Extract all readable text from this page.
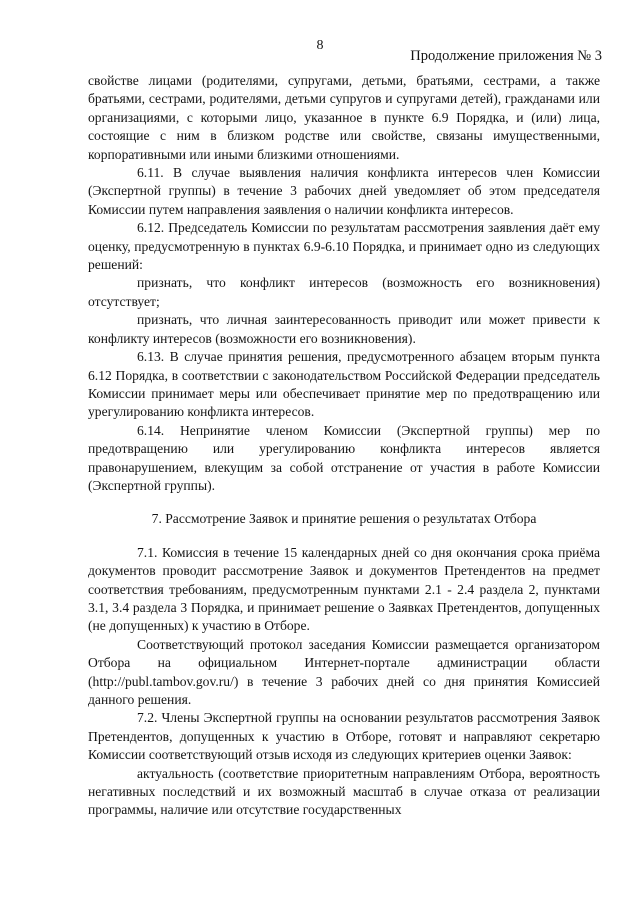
8
Продолжение приложения № 3

свойстве лицами (родителями, супругами, детьми, братьями, сестрами, а также братьями, сестрами, родителями, детьми супругов и супругами детей), гражданами или организациями, с которыми лицо, указанное в пункте 6.9 Порядка, и (или) лица, состоящие с ним в близком родстве или свойстве, связаны имущественными, корпоративными или иными близкими отношениями.

6.11. В случае выявления наличия конфликта интересов член Комиссии (Экспертной группы) в течение 3 рабочих дней уведомляет об этом председателя Комиссии путем направления заявления о наличии конфликта интересов.

6.12. Председатель Комиссии по результатам рассмотрения заявления даёт ему оценку, предусмотренную в пунктах 6.9-6.10 Порядка, и принимает одно из следующих решений:

признать, что конфликт интересов (возможность его возникновения) отсутствует;

признать, что личная заинтересованность приводит или может привести к конфликту интересов (возможности его возникновения).

6.13. В случае принятия решения, предусмотренного абзацем вторым пункта 6.12 Порядка, в соответствии с законодательством Российской Федерации председатель Комиссии принимает меры или обеспечивает принятие мер по предотвращению или урегулированию конфликта интересов.

6.14. Непринятие членом Комиссии (Экспертной группы) мер по предотвращению или урегулированию конфликта интересов является правонарушением, влекущим за собой отстранение от участия в работе Комиссии (Экспертной группы).

7. Рассмотрение Заявок и принятие решения о результатах Отбора

7.1. Комиссия в течение 15 календарных дней со дня окончания срока приёма документов проводит рассмотрение Заявок и документов Претендентов на предмет соответствия требованиям, предусмотренным пунктами 2.1 - 2.4 раздела 2, пунктами 3.1, 3.4 раздела 3 Порядка, и принимает решение о Заявках Претендентов, допущенных (не допущенных) к участию в Отборе.

Соответствующий протокол заседания Комиссии размещается организатором Отбора на официальном Интернет-портале администрации области (http://publ.tambov.gov.ru/) в течение 3 рабочих дней со дня принятия Комиссией данного решения.

7.2. Члены Экспертной группы на основании результатов рассмотрения Заявок Претендентов, допущенных к участию в Отборе, готовят и направляют секретарю Комиссии соответствующий отзыв исходя из следующих критериев оценки Заявок:

актуальность (соответствие приоритетным направлениям Отбора, вероятность негативных последствий и их возможный масштаб в случае отказа от реализации программы, наличие или отсутствие государственных
